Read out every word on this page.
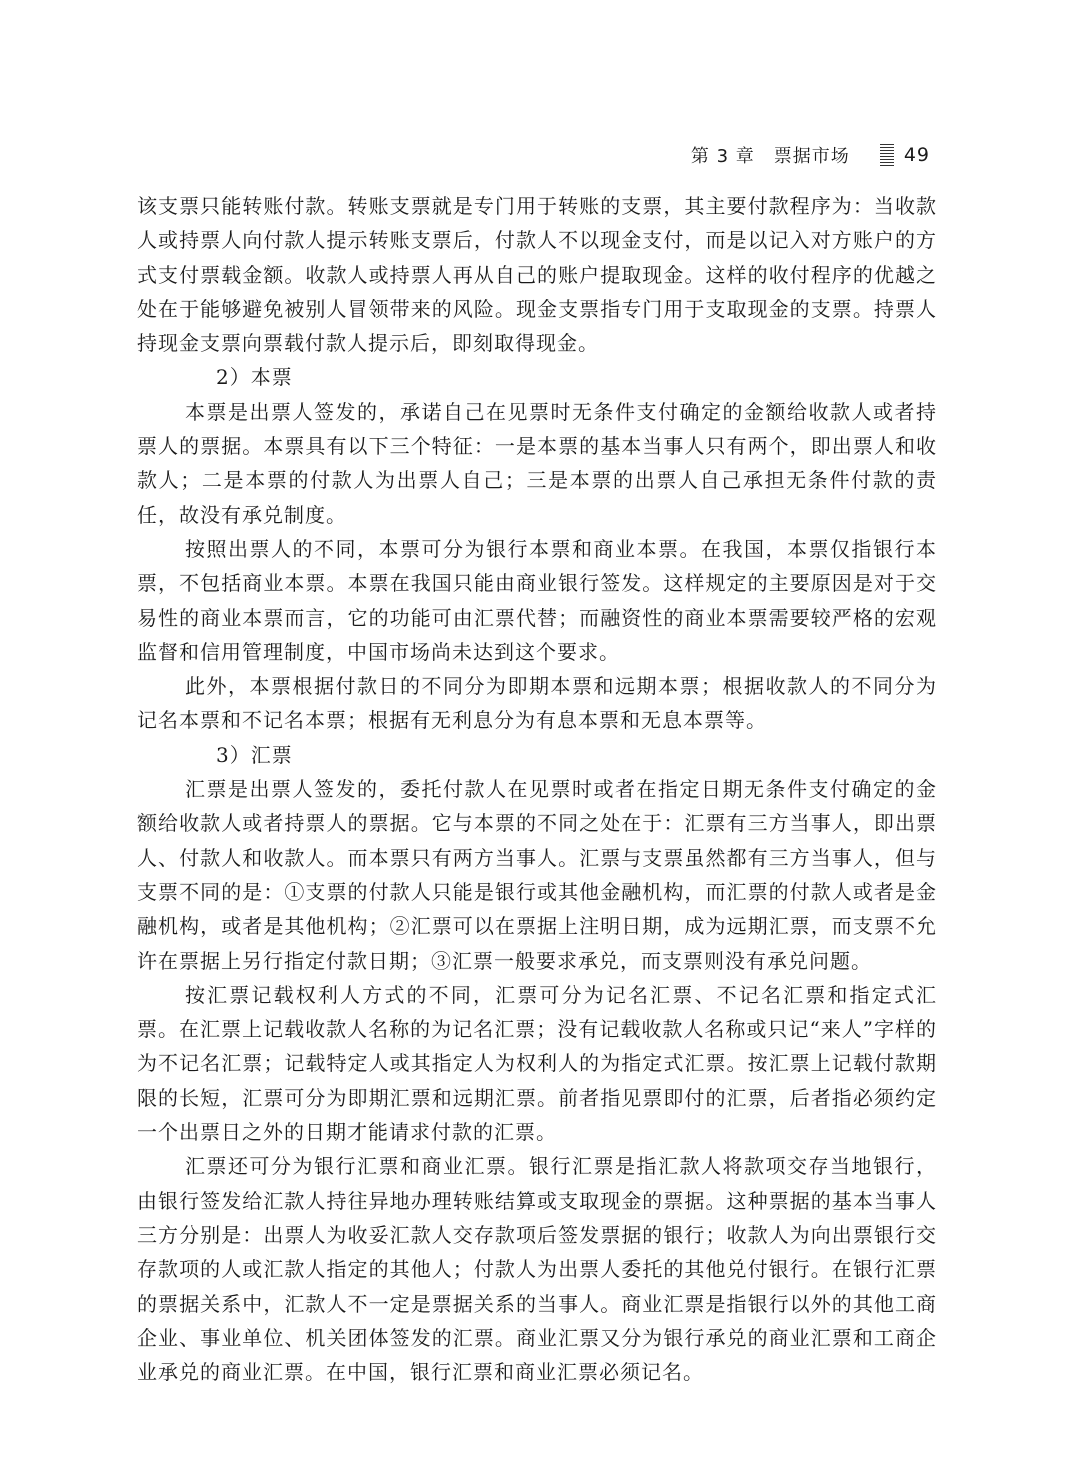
第 3 章　票据市场	49

该支票只能转账付款。转账支票就是专门用于转账的支票，其主要付款程序为：当收款人或持票人向付款人提示转账支票后，付款人不以现金支付，而是以记入对方账户的方式支付票载金额。收款人或持票人再从自己的账户提取现金。这样的收付程序的优越之处在于能够避免被别人冒领带来的风险。现金支票指专门用于支取现金的支票。持票人持现金支票向票载付款人提示后，即刻取得现金。

2）本票

本票是出票人签发的，承诺自己在见票时无条件支付确定的金额给收款人或者持票人的票据。本票具有以下三个特征：一是本票的基本当事人只有两个，即出票人和收款人；二是本票的付款人为出票人自己；三是本票的出票人自己承担无条件付款的责任，故没有承兑制度。

按照出票人的不同，本票可分为银行本票和商业本票。在我国，本票仅指银行本票，不包括商业本票。本票在我国只能由商业银行签发。这样规定的主要原因是对于交易性的商业本票而言，它的功能可由汇票代替；而融资性的商业本票需要较严格的宏观监督和信用管理制度，中国市场尚未达到这个要求。

此外，本票根据付款日的不同分为即期本票和远期本票；根据收款人的不同分为记名本票和不记名本票；根据有无利息分为有息本票和无息本票等。

3）汇票

汇票是出票人签发的，委托付款人在见票时或者在指定日期无条件支付确定的金额给收款人或者持票人的票据。它与本票的不同之处在于：汇票有三方当事人，即出票人、付款人和收款人。而本票只有两方当事人。汇票与支票虽然都有三方当事人，但与支票不同的是：①支票的付款人只能是银行或其他金融机构，而汇票的付款人或者是金融机构，或者是其他机构；②汇票可以在票据上注明日期，成为远期汇票，而支票不允许在票据上另行指定付款日期；③汇票一般要求承兑，而支票则没有承兑问题。

按汇票记载权利人方式的不同，汇票可分为记名汇票、不记名汇票和指定式汇票。在汇票上记载收款人名称的为记名汇票；没有记载收款人名称或只记“来人”字样的为不记名汇票；记载特定人或其指定人为权利人的为指定式汇票。按汇票上记载付款期限的长短，汇票可分为即期汇票和远期汇票。前者指见票即付的汇票，后者指必须约定一个出票日之外的日期才能请求付款的汇票。

汇票还可分为银行汇票和商业汇票。银行汇票是指汇款人将款项交存当地银行，由银行签发给汇款人持往异地办理转账结算或支取现金的票据。这种票据的基本当事人三方分别是：出票人为收妥汇款人交存款项后签发票据的银行；收款人为向出票银行交存款项的人或汇款人指定的其他人；付款人为出票人委托的其他兑付银行。在银行汇票的票据关系中，汇款人不一定是票据关系的当事人。商业汇票是指银行以外的其他工商企业、事业单位、机关团体签发的汇票。商业汇票又分为银行承兑的商业汇票和工商企业承兑的商业汇票。在中国，银行汇票和商业汇票必须记名。
